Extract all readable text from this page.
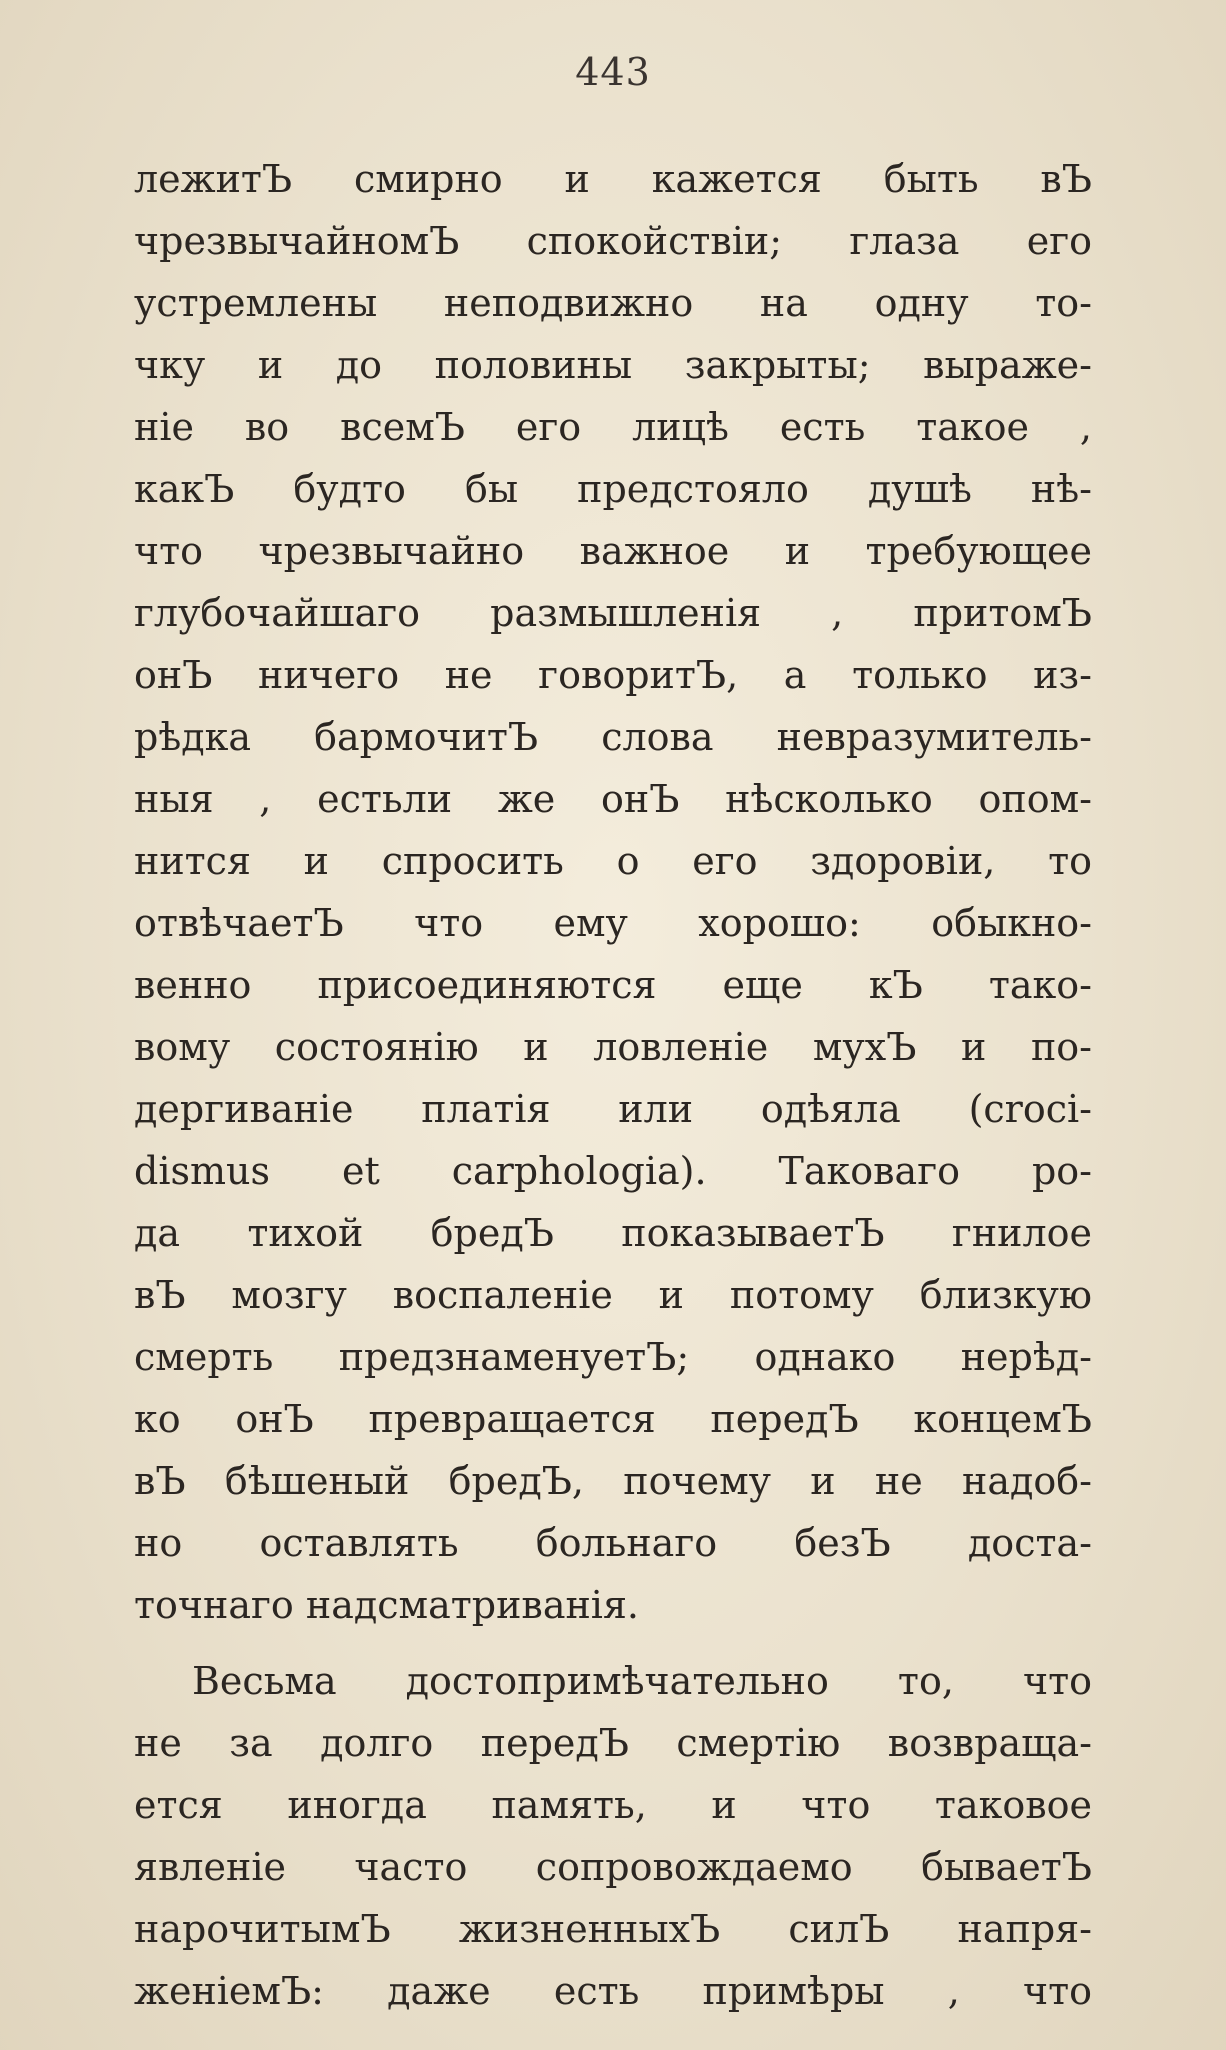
443
лежитЪ смирно и кажется быть вЪ
чрезвычайномЪ спокойствіи; глаза его
устремлены неподвижно на одну то-
чку и до половины закрыты; выраже-
ніе во всемЪ его лицѣ есть такое ,
какЪ будто бы предстояло душѣ нѣ-
что чрезвычайно важное и требующее
глубочайшаго размышленія , притомЪ
онЪ ничего не говоритЪ, а только из-
рѣдка бармочитЪ слова невразумитель-
ныя , естьли же онЪ нѣсколько опом-
нится и спросить о его здоровіи, то
отвѣчаетЪ что ему хорошо: обыкно-
венно присоединяются еще кЪ тако-
вому состоянію и ловленіе мухЪ и по-
дергиваніе платія или одѣяла (croci-
dismus et carphologia). Таковаго ро-
да тихой бредЪ показываетЪ гнилое
вЪ мозгу воспаленіе и потому близкую
смерть предзнаменуетЪ; однако нерѣд-
ко онЪ превращается передЪ концемЪ
вЪ бѣшеный бредЪ, почему и не надоб-
но оставлять больнаго безЪ доста-
точнаго надсматриванія.
Весьма достопримѣчательно то, что
не за долго передЪ смертію возвраща-
ется иногда память, и что таковое
явленіе часто сопровождаемо бываетЪ
нарочитымЪ жизненныхЪ силЪ напря-
женіемЪ: даже есть примѣры , что
